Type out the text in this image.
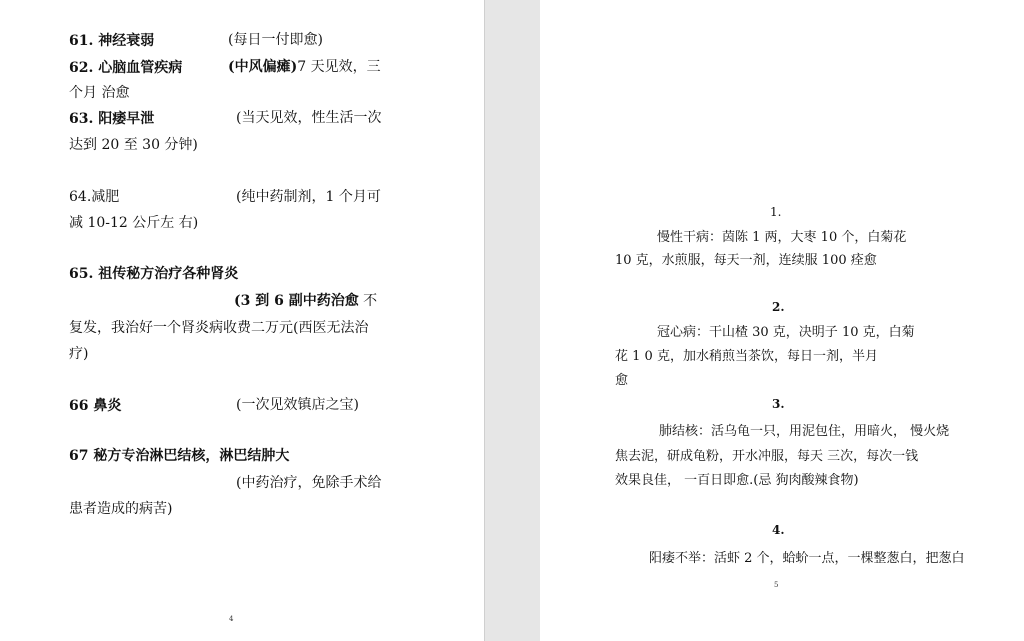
61. 神经衰弱	(每日一付即愈)
62. 心脑血管疾病	(中风偏瘫)7 天见效，三
个月 治愈
63. 阳痿早泄	(当天见效，性生活一次
达到 20 至 30 分钟)
64.减肥	(纯中药制剂，1 个月可
减 10-12 公斤左 右)
65. 祖传秘方治疗各种肾炎
(3 到 6 副中药治愈 不
复发，我治好一个肾炎病收费二万元(西医无法治
疗)
66 鼻炎	(一次见效镇店之宝)
67 秘方专治淋巴结核，淋巴结肿大
(中药治疗，免除手术给
患者造成的病苦)
4
1.
慢性干病：茵陈 1 两，大枣 10 个，白菊花
10 克，水煎服，每天一剂，连续服 100 痊愈
2.
冠心病：干山楂 30 克，决明子 10 克，白菊
花 1 0 克，加水稍煎当茶饮，每日一剂，半月
愈
3.
肺结核：活乌龟一只，用泥包住，用暗火， 慢火烧
焦去泥，研成龟粉，开水冲服，每天 三次，每次一钱
效果良佳， 一百日即愈.(忌 狗肉酸辣食物)
4.
阳痿不举：活虾 2 个，蛤蚧一点，一棵整葱白，把葱白
5
